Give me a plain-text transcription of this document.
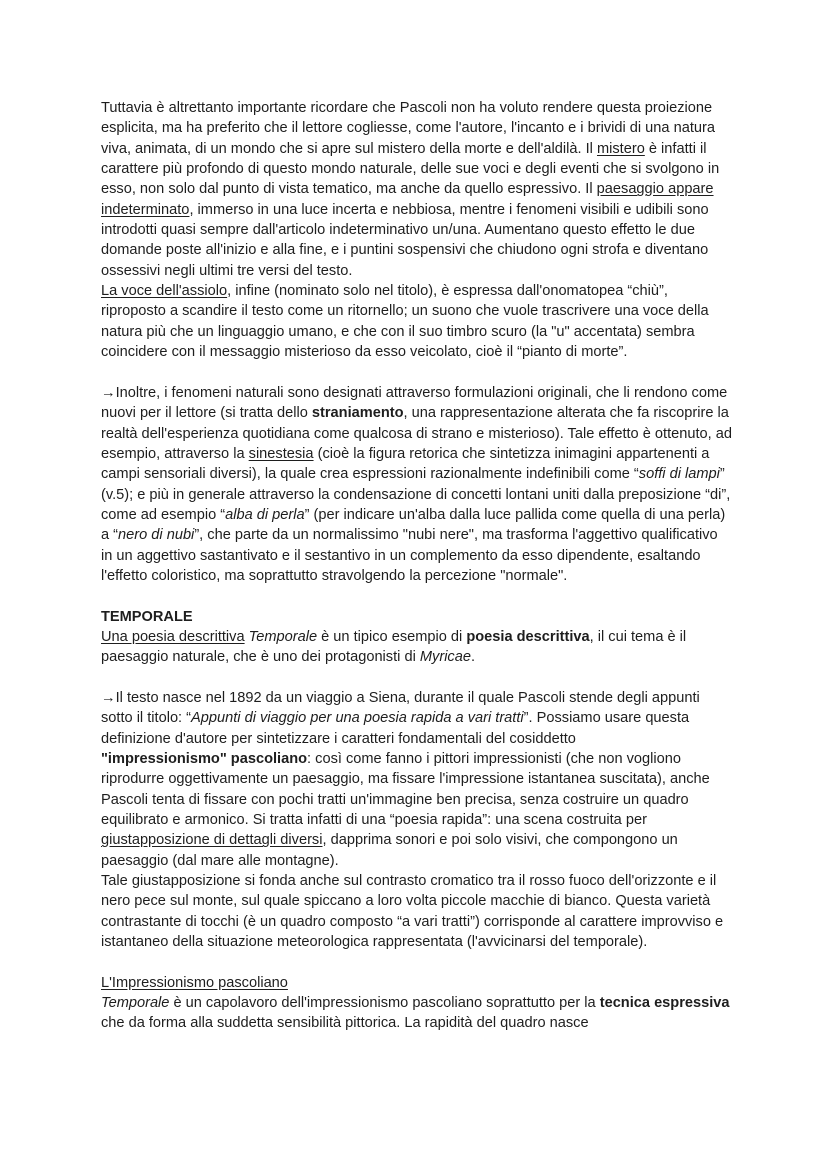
Tuttavia è altrettanto importante ricordare che Pascoli non ha voluto rendere questa proiezione esplicita, ma ha preferito che il lettore cogliesse, come l'autore, l'incanto e i brividi di una natura viva, animata, di un mondo che si apre sul mistero della morte e dell'aldilà. Il mistero è infatti il carattere più profondo di questo mondo naturale, delle sue voci e degli eventi che si svolgono in esso, non solo dal punto di vista tematico, ma anche da quello espressivo. Il paesaggio appare indeterminato, immerso in una luce incerta e nebbiosa, mentre i fenomeni visibili e udibili sono introdotti quasi sempre dall'articolo indeterminativo un/una. Aumentano questo effetto le due domande poste all'inizio e alla fine, e i puntini sospensivi che chiudono ogni strofa e diventano ossessivi negli ultimi tre versi del testo.
La voce dell'assiolo, infine (nominato solo nel titolo), è espressa dall'onomatopea “chiù”, riproposto a scandire il testo come un ritornello; un suono che vuole trascrivere una voce della natura più che un linguaggio umano, e che con il suo timbro scuro (la "u" accentata) sembra coincidere con il messaggio misterioso da esso veicolato, cioè il “pianto di morte”.

→Inoltre, i fenomeni naturali sono designati attraverso formulazioni originali, che li rendono come nuovi per il lettore (si tratta dello straniamento, una rappresentazione alterata che fa riscoprire la realtà dell'esperienza quotidiana come qualcosa di strano e misterioso). Tale effetto è ottenuto, ad esempio, attraverso la sinestesia (cioè la figura retorica che sintetizza inimagini appartenenti a campi sensoriali diversi), la quale crea espressioni razionalmente indefinibili come “soffi di lampi” (v.5); e più in generale attraverso la condensazione di concetti lontani uniti dalla preposizione “di”, come ad esempio “alba di perla” (per indicare un'alba dalla luce pallida come quella di una perla) a “nero di nubi”, che parte da un normalissimo "nubi nere", ma trasforma l'aggettivo qualificativo in un aggettivo sastantivato e il sestantivo in un complemento da esso dipendente, esaltando l'effetto coloristico, ma soprattutto stravolgendo la percezione "normale".

TEMPORALE

Una poesia descrittiva Temporale è un tipico esempio di poesia descrittiva, il cui tema è il paesaggio naturale, che è uno dei protagonisti di Myricae.

→Il testo nasce nel 1892 da un viaggio a Siena, durante il quale Pascoli stende degli appunti sotto il titolo: “Appunti di viaggio per una poesia rapida a vari tratti”. Possiamo usare questa definizione d'autore per sintetizzare i caratteri fondamentali del cosiddetto
"impressionismo" pascoliano: così come fanno i pittori impressionisti (che non vogliono riprodurre oggettivamente un paesaggio, ma fissare l'impressione istantanea suscitata), anche Pascoli tenta di fissare con pochi tratti un'immagine ben precisa, senza costruire un quadro equilibrato e armonico. Si tratta infatti di una “poesia rapida”: una scena costruita per giustapposizione di dettagli diversi, dapprima sonori e poi solo visivi, che compongono un paesaggio (dal mare alle montagne).

Tale giustapposizione si fonda anche sul contrasto cromatico tra il rosso fuoco dell'orizzonte e il nero pece sul monte, sul quale spiccano a loro volta piccole macchie di bianco. Questa varietà contrastante di tocchi (è un quadro composto “a vari tratti”) corrisponde al carattere improvviso e istantaneo della situazione meteorologica rappresentata (l'avvicinarsi del temporale).

L'Impressionismo pascoliano

Temporale è un capolavoro dell'impressionismo pascoliano soprattutto per la tecnica espressiva che da forma alla suddetta sensibilità pittorica. La rapidità del quadro nasce
